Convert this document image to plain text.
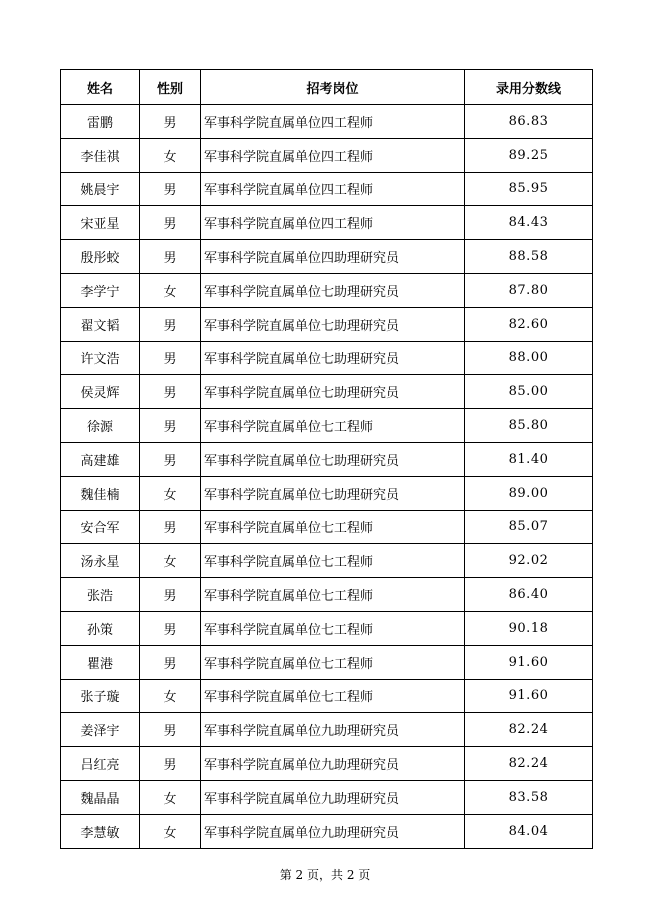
姓名	性别	招考岗位	录用分数线
雷鹏	男	军事科学院直属单位四工程师	86.83
李佳祺	女	军事科学院直属单位四工程师	89.25
姚晨宇	男	军事科学院直属单位四工程师	85.95
宋亚星	男	军事科学院直属单位四工程师	84.43
殷彤蛟	男	军事科学院直属单位四助理研究员	88.58
李学宁	女	军事科学院直属单位七助理研究员	87.80
翟文韬	男	军事科学院直属单位七助理研究员	82.60
许文浩	男	军事科学院直属单位七助理研究员	88.00
侯灵辉	男	军事科学院直属单位七助理研究员	85.00
徐源	男	军事科学院直属单位七工程师	85.80
高建雄	男	军事科学院直属单位七助理研究员	81.40
魏佳楠	女	军事科学院直属单位七助理研究员	89.00
安合军	男	军事科学院直属单位七工程师	85.07
汤永星	女	军事科学院直属单位七工程师	92.02
张浩	男	军事科学院直属单位七工程师	86.40
孙策	男	军事科学院直属单位七工程师	90.18
瞿港	男	军事科学院直属单位七工程师	91.60
张子璇	女	军事科学院直属单位七工程师	91.60
姜泽宇	男	军事科学院直属单位九助理研究员	82.24
吕红亮	男	军事科学院直属单位九助理研究员	82.24
魏晶晶	女	军事科学院直属单位九助理研究员	83.58
李慧敏	女	军事科学院直属单位九助理研究员	84.04
第 2 页，共 2 页
